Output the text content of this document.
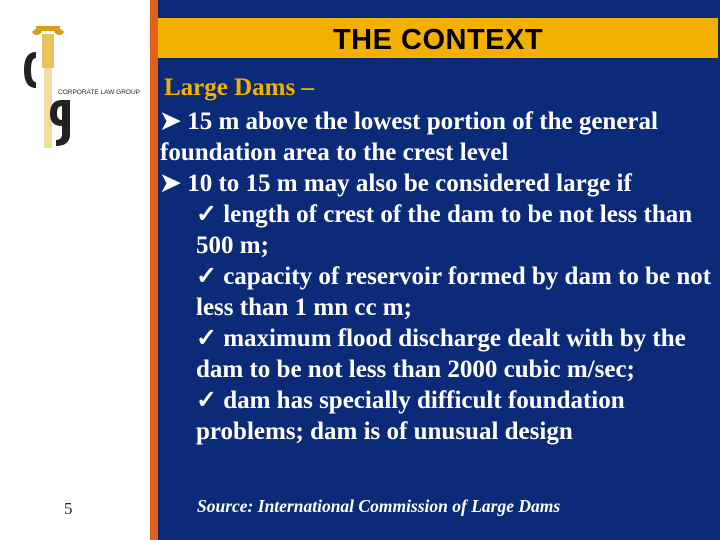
CORPORATE LAW GROUP
THE CONTEXT
Large Dams –

➤ 15 m above the lowest portion of the general foundation area to the crest level

➤ 10 to 15 m may also be considered large if

✓ length of crest of the dam to be not less than 500 m;

✓ capacity of reservoir formed by dam to be not less than 1 mn cc m;

✓ maximum flood discharge dealt with by the dam to be not less than 2000 cubic m/sec;

✓ dam has specially difficult foundation problems; dam is of unusual design

Source: International Commission of Large Dams
5
